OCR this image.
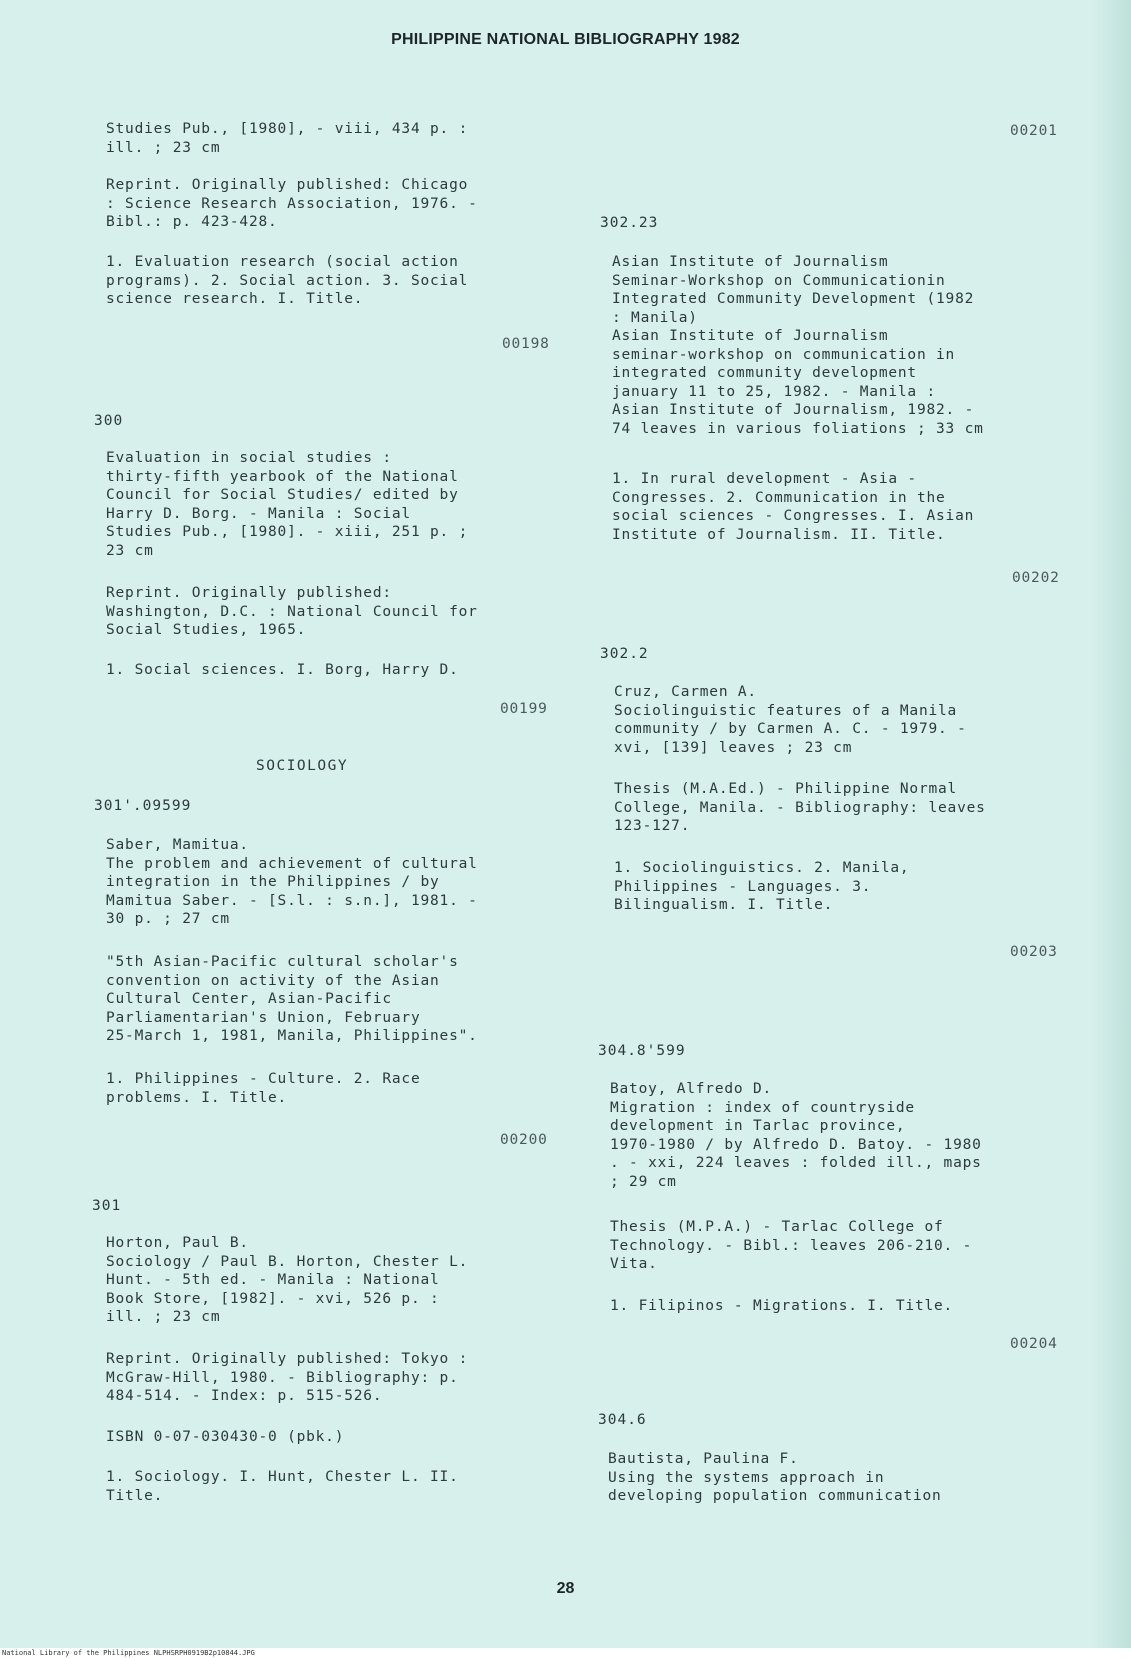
PHILIPPINE NATIONAL BIBLIOGRAPHY 1982
Studies Pub., [1980], - viii, 434 p. :
ill. ; 23 cm
Reprint. Originally published: Chicago
: Science Research Association, 1976. -
Bibl.: p. 423-428.
1. Evaluation research (social action
programs). 2. Social action. 3. Social
science research. I. Title.
00198
300
Evaluation in social studies :
thirty-fifth yearbook of the National
Council for Social Studies/ edited by
Harry D. Borg. - Manila : Social
Studies Pub., [1980]. - xiii, 251 p. ;
23 cm
Reprint. Originally published:
Washington, D.C. : National Council for
Social Studies, 1965.
1. Social sciences. I. Borg, Harry D.
00199
SOCIOLOGY
301'.09599
Saber, Mamitua.
The problem and achievement of cultural
integration in the Philippines / by
Mamitua Saber. - [S.l. : s.n.], 1981. -
30 p. ; 27 cm
"5th Asian-Pacific cultural scholar's
convention on activity of the Asian
Cultural Center, Asian-Pacific
Parliamentarian's Union, February
25-March 1, 1981, Manila, Philippines".
1. Philippines - Culture. 2. Race
problems. I. Title.
00200
301
Horton, Paul B.
Sociology / Paul B. Horton, Chester L.
Hunt. - 5th ed. - Manila : National
Book Store, [1982]. - xvi, 526 p. :
ill. ; 23 cm
Reprint. Originally published: Tokyo :
McGraw-Hill, 1980. - Bibliography: p.
484-514. - Index: p. 515-526.
ISBN 0-07-030430-0 (pbk.)
1. Sociology. I. Hunt, Chester L. II.
Title.
00201
302.23
Asian Institute of Journalism
Seminar-Workshop on Communicationin
Integrated Community Development (1982
: Manila)
Asian Institute of Journalism
seminar-workshop on communication in
integrated community development
january 11 to 25, 1982. - Manila :
Asian Institute of Journalism, 1982. -
74 leaves in various foliations ; 33 cm
1. In rural development - Asia -
Congresses. 2. Communication in the
social sciences - Congresses. I. Asian
Institute of Journalism. II. Title.
00202
302.2
Cruz, Carmen A.
Sociolinguistic features of a Manila
community / by Carmen A. C. - 1979. -
xvi, [139] leaves ; 23 cm
Thesis (M.A.Ed.) - Philippine Normal
College, Manila. - Bibliography: leaves
123-127.
1. Sociolinguistics. 2. Manila,
Philippines - Languages. 3.
Bilingualism. I. Title.
00203
304.8'599
Batoy, Alfredo D.
Migration : index of countryside
development in Tarlac province,
1970-1980 / by Alfredo D. Batoy. - 1980
. - xxi, 224 leaves : folded ill., maps
; 29 cm
Thesis (M.P.A.) - Tarlac College of
Technology. - Bibl.: leaves 206-210. -
Vita.
1. Filipinos - Migrations. I. Title.
00204
304.6
Bautista, Paulina F.
Using the systems approach in
developing population communication
28
National Library of the Philippines NLPHSRPH0919B2p10844.JPG
